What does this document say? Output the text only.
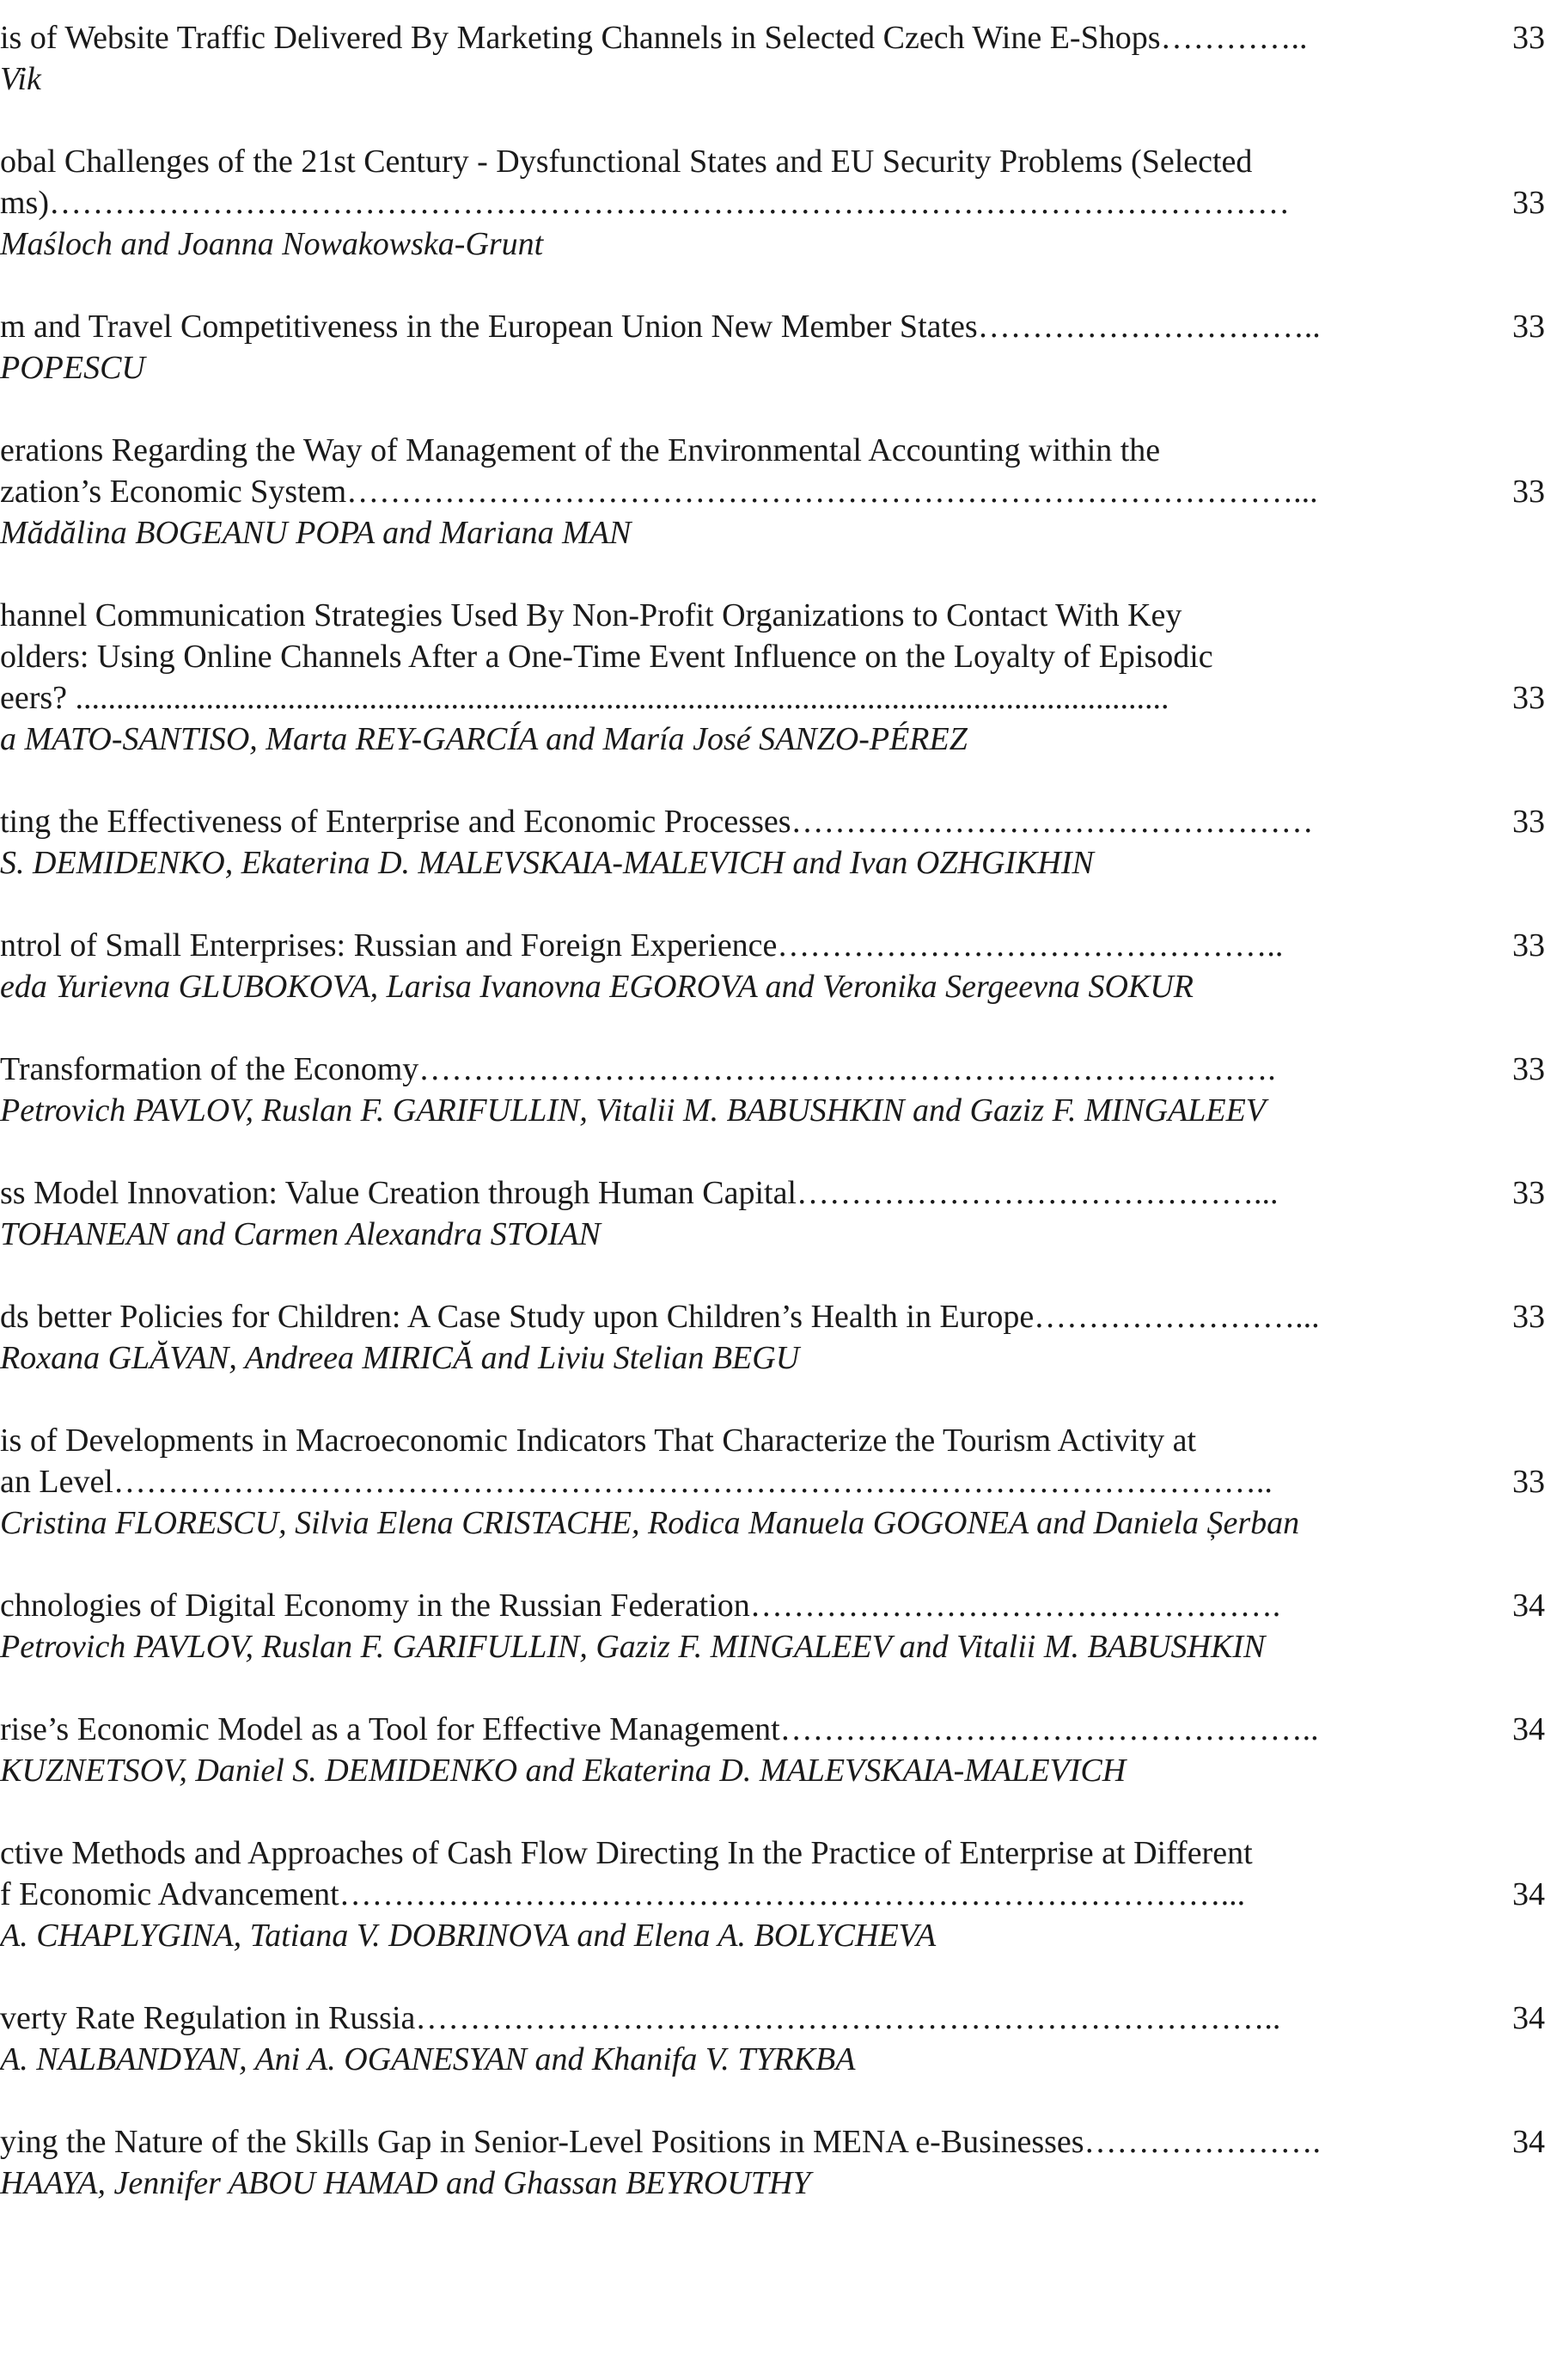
is of Website Traffic Delivered By Marketing Channels in Selected Czech Wine E-Shops…………..	33
Vik
obal Challenges of the 21st Century - Dysfunctional States and EU Security Problems (Selected
ms)……………………………………………………………………………………………………	33
Maśloch and Joanna Nowakowska-Grunt
m and Travel Competitiveness in the European Union New Member States…………………………..	33
POPESCU
erations Regarding the Way of Management of the Environmental Accounting within the
zation’s Economic System……………………………………………………………………………...	33
Mădălina BOGEANU POPA and Mariana MAN
hannel Communication Strategies Used By Non-Profit Organizations to Contact With Key
olders: Using Online Channels After a One-Time Event Influence on the Loyalty of Episodic
eers? ......................................................................................................................................	33
a MATO-SANTISO, Marta REY-GARCÍA and María José SANZO-PÉREZ
ting the Effectiveness of Enterprise and Economic Processes…………………………………………	33
S. DEMIDENKO, Ekaterina D. MALEVSKAIA-MALEVICH and Ivan OZHGIKHIN
ntrol of Small Enterprises: Russian and Foreign Experience………………………………………..	33
eda Yurievna GLUBOKOVA, Larisa Ivanovna EGOROVA and Veronika Sergeevna SOKUR
Transformation of the Economy…………………………………………………………………….	33
Petrovich PAVLOV, Ruslan F. GARIFULLIN, Vitalii M. BABUSHKIN and Gaziz F. MINGALEEV
ss Model Innovation: Value Creation through Human Capital……………………………………...	33
TOHANEAN and Carmen Alexandra STOIAN
ds better Policies for Children: A Case Study upon Children’s Health in Europe……………………...	33
Roxana GLĂVAN, Andreea MIRICĂ and Liviu Stelian BEGU
is of Developments in Macroeconomic Indicators That Characterize the Tourism Activity at
an Level……………………………………………………………………………………………..	33
Cristina FLORESCU, Silvia Elena CRISTACHE, Rodica Manuela GOGONEA and Daniela Șerban
chnologies of Digital Economy in the Russian Federation………………………………………….	34
Petrovich PAVLOV, Ruslan F. GARIFULLIN, Gaziz F. MINGALEEV and Vitalii M. BABUSHKIN
rise’s Economic Model as a Tool for Effective Management…………………………………………..	34
KUZNETSOV, Daniel S. DEMIDENKO and Ekaterina D. MALEVSKAIA-MALEVICH
ctive Methods and Approaches of Cash Flow Directing In the Practice of Enterprise at Different
f Economic Advancement………………………………………………………………………...	34
A. CHAPLYGINA, Tatiana V. DOBRINOVA and Elena A. BOLYCHEVA
verty Rate Regulation in Russia……………………………………………………………………..	34
A. NALBANDYAN, Ani A. OGANESYAN and Khanifa V. TYRKBA
ying the Nature of the Skills Gap in Senior-Level Positions in MENA e-Businesses………………….	34
HAAYA, Jennifer ABOU HAMAD and Ghassan BEYROUTHY
